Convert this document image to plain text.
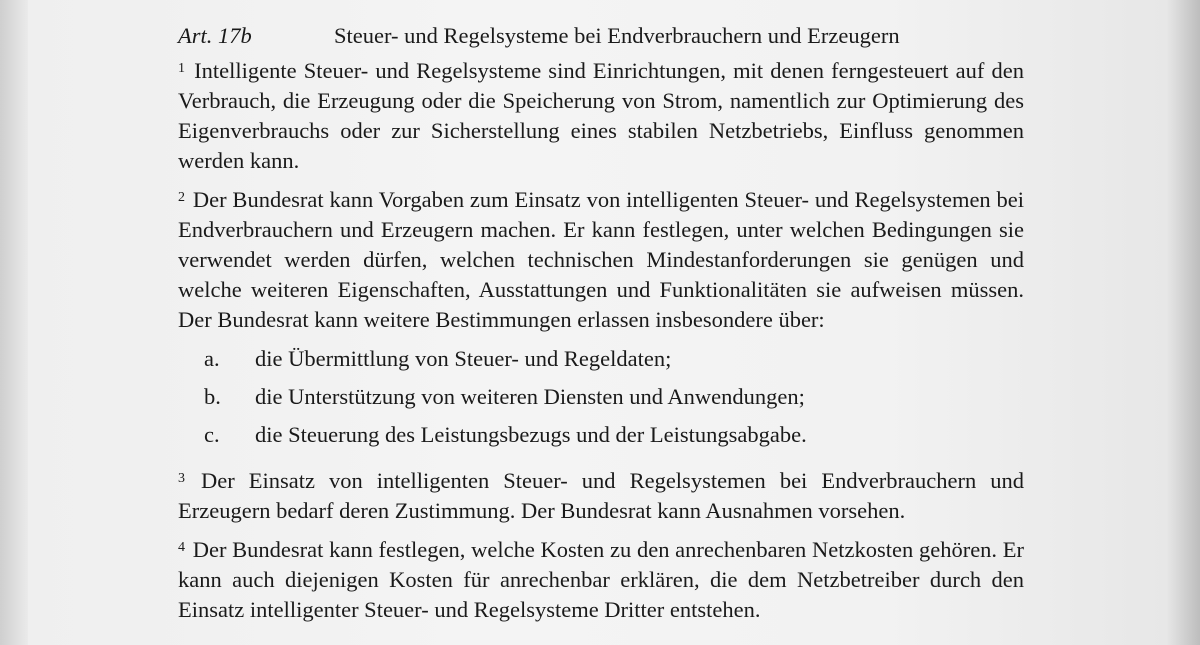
Art. 17b	Steuer- und Regelsysteme bei Endverbrauchern und Erzeugern

$^1$ Intelligente Steuer- und Regelsysteme sind Einrichtungen, mit denen ferngesteuert auf den Verbrauch, die Erzeugung oder die Speicherung von Strom, namentlich zur Optimierung des Eigenverbrauchs oder zur Sicherstellung eines stabilen Netzbetriebs, Einfluss genommen werden kann.

$^2$ Der Bundesrat kann Vorgaben zum Einsatz von intelligenten Steuer- und Regelsystemen bei Endverbrauchern und Erzeugern machen. Er kann festlegen, unter welchen Bedingungen sie verwendet werden dürfen, welchen technischen Mindestanforderungen sie genügen und welche weiteren Eigenschaften, Ausstattungen und Funktionalitäten sie aufweisen müssen. Der Bundesrat kann weitere Bestimmungen erlassen insbesondere über:

a.	die Übermittlung von Steuer- und Regeldaten;
b.	die Unterstützung von weiteren Diensten und Anwendungen;
c.	die Steuerung des Leistungsbezugs und der Leistungsabgabe.

$^3$ Der Einsatz von intelligenten Steuer- und Regelsystemen bei Endverbrauchern und Erzeugern bedarf deren Zustimmung. Der Bundesrat kann Ausnahmen vorsehen.

$^4$ Der Bundesrat kann festlegen, welche Kosten zu den anrechenbaren Netzkosten gehören. Er kann auch diejenigen Kosten für anrechenbar erklären, die dem Netzbetreiber durch den Einsatz intelligenter Steuer- und Regelsysteme Dritter entstehen.
